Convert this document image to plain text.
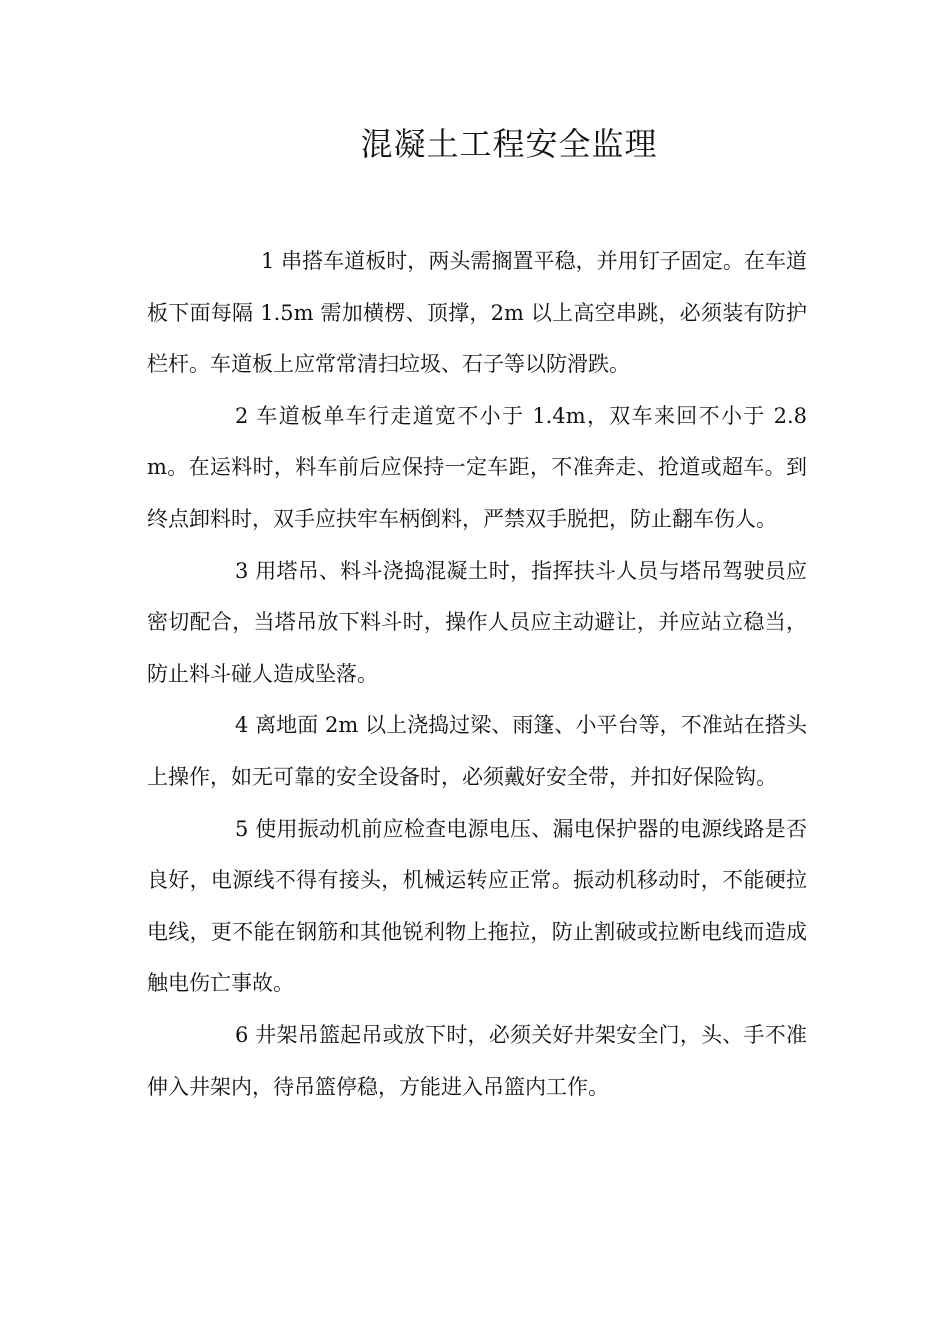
混凝土工程安全监理

1 串搭车道板时，两头需搁置平稳，并用钉子固定。在车道板下面每隔 1.5m 需加横楞、顶撑，2m 以上高空串跳，必须装有防护栏杆。车道板上应常常清扫垃圾、石子等以防滑跌。

2 车道板单车行走道宽不小于 1.4m，双车来回不小于 2.8m。在运料时，料车前后应保持一定车距，不准奔走、抢道或超车。到终点卸料时，双手应扶牢车柄倒料，严禁双手脱把，防止翻车伤人。

3 用塔吊、料斗浇捣混凝土时，指挥扶斗人员与塔吊驾驶员应密切配合，当塔吊放下料斗时，操作人员应主动避让，并应站立稳当，防止料斗碰人造成坠落。

4 离地面 2m 以上浇捣过梁、雨篷、小平台等，不准站在搭头上操作，如无可靠的安全设备时，必须戴好安全带，并扣好保险钩。

5 使用振动机前应检查电源电压、漏电保护器的电源线路是否良好，电源线不得有接头，机械运转应正常。振动机移动时，不能硬拉电线，更不能在钢筋和其他锐利物上拖拉，防止割破或拉断电线而造成触电伤亡事故。

6 井架吊篮起吊或放下时，必须关好井架安全门，头、手不准伸入井架内，待吊篮停稳，方能进入吊篮内工作。
